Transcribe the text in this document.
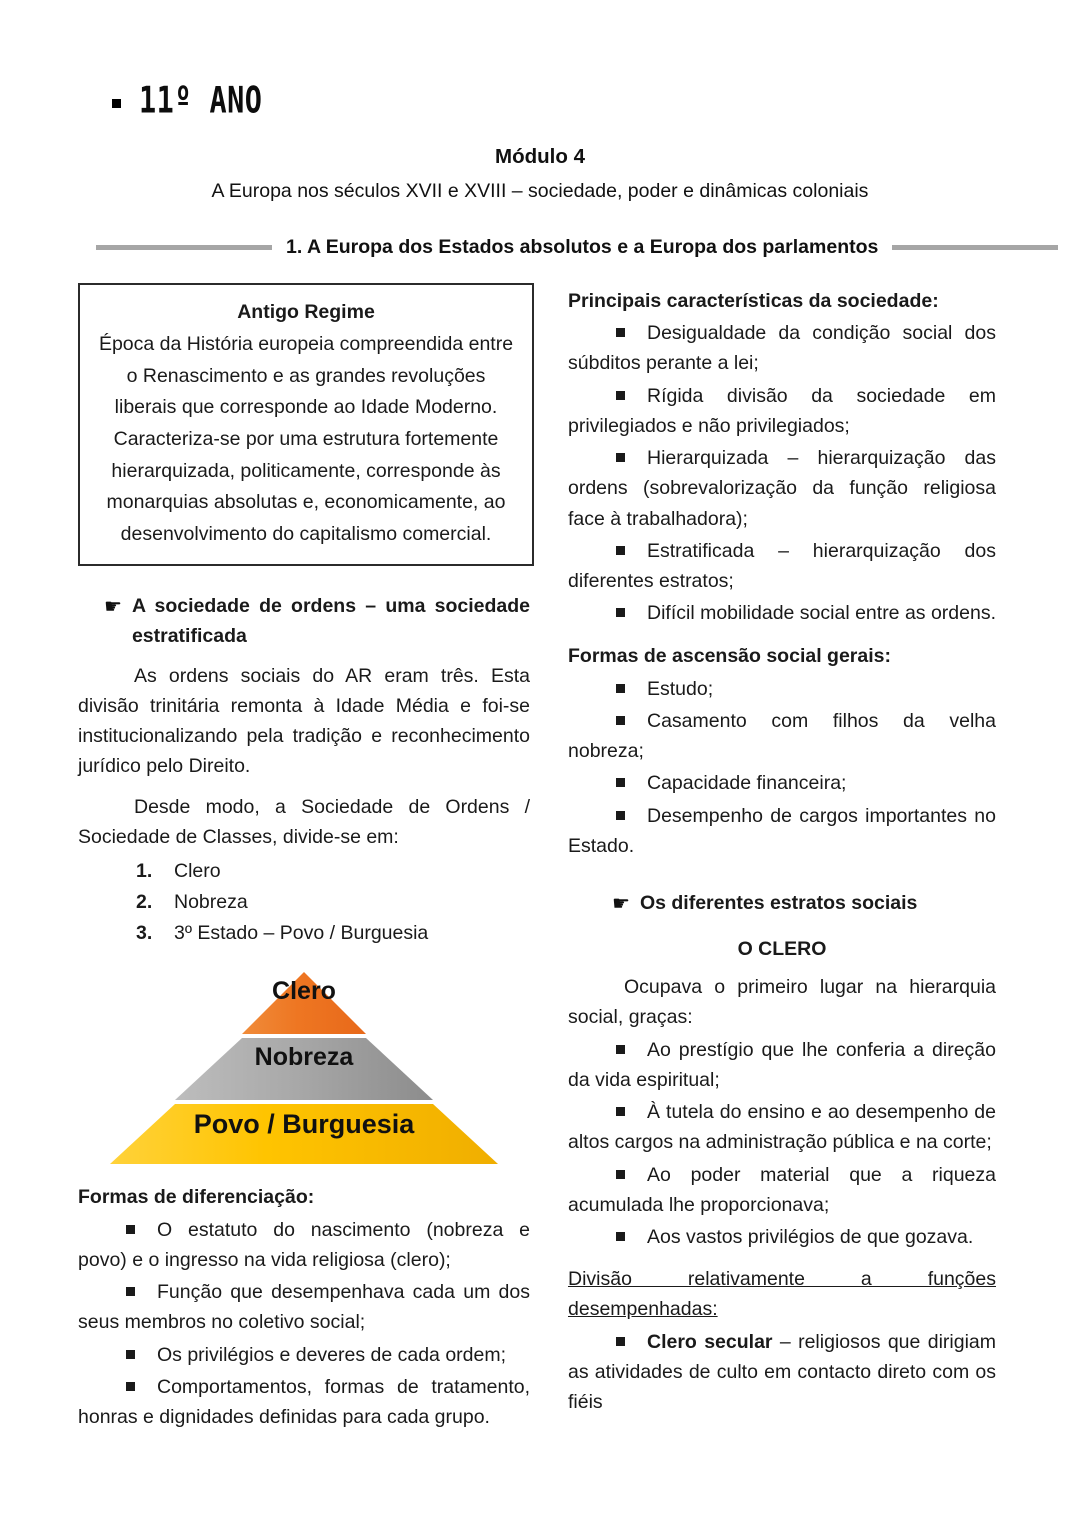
11º ANO
Módulo 4
A Europa nos séculos XVII e XVIII – sociedade, poder e dinâmicas coloniais
1. A Europa dos Estados absolutos e a Europa dos parlamentos
Antigo Regime
Época da História europeia compreendida entre o Renascimento e as grandes revoluções liberais que corresponde ao Idade Moderno. Caracteriza-se por uma estrutura fortemente hierarquizada, politicamente, corresponde às monarquias absolutas e, economicamente, ao desenvolvimento do capitalismo comercial.
☚ A sociedade de ordens – uma sociedade estratificada

As ordens sociais do AR eram três. Esta divisão trinitária remonta à Idade Média e foi-se institucionalizando pela tradição e reconhecimento jurídico pelo Direito.

Desde modo, a Sociedade de Ordens / Sociedade de Classes, divide-se em:

Clero
Nobreza
3º Estado – Povo / Burguesia
Clero
Nobreza
Povo / Burguesia
Formas de diferenciação:
O estatuto do nascimento (nobreza e povo) e o ingresso na vida religiosa (clero);
Função que desempenhava cada um dos seus membros no coletivo social;
Os privilégios e deveres de cada ordem;
Comportamentos, formas de tratamento, honras e dignidades definidas para cada grupo.
Principais características da sociedade:
Desigualdade da condição social dos súbditos perante a lei;
Rígida divisão da sociedade em privilegiados e não privilegiados;
Hierarquizada – hierarquização das ordens (sobrevalorização da função religiosa face à trabalhadora);
Estratificada – hierarquização dos diferentes estratos;
Difícil mobilidade social entre as ordens.
Formas de ascensão social gerais:
Estudo;
Casamento com filhos da velha nobreza;
Capacidade financeira;
Desempenho de cargos importantes no Estado.
☚ Os diferentes estratos sociais
O CLERO

Ocupava o primeiro lugar na hierarquia social, graças:

Ao prestígio que lhe conferia a direção da vida espiritual;
À tutela do ensino e ao desempenho de altos cargos na administração pública e na corte;
Ao poder material que a riqueza acumulada lhe proporcionava;
Aos vastos privilégios de que gozava.

Divisão relativamente a funções desempenhadas:

Clero secular – religiosos que dirigiam as atividades de culto em contacto direto com os fiéis
